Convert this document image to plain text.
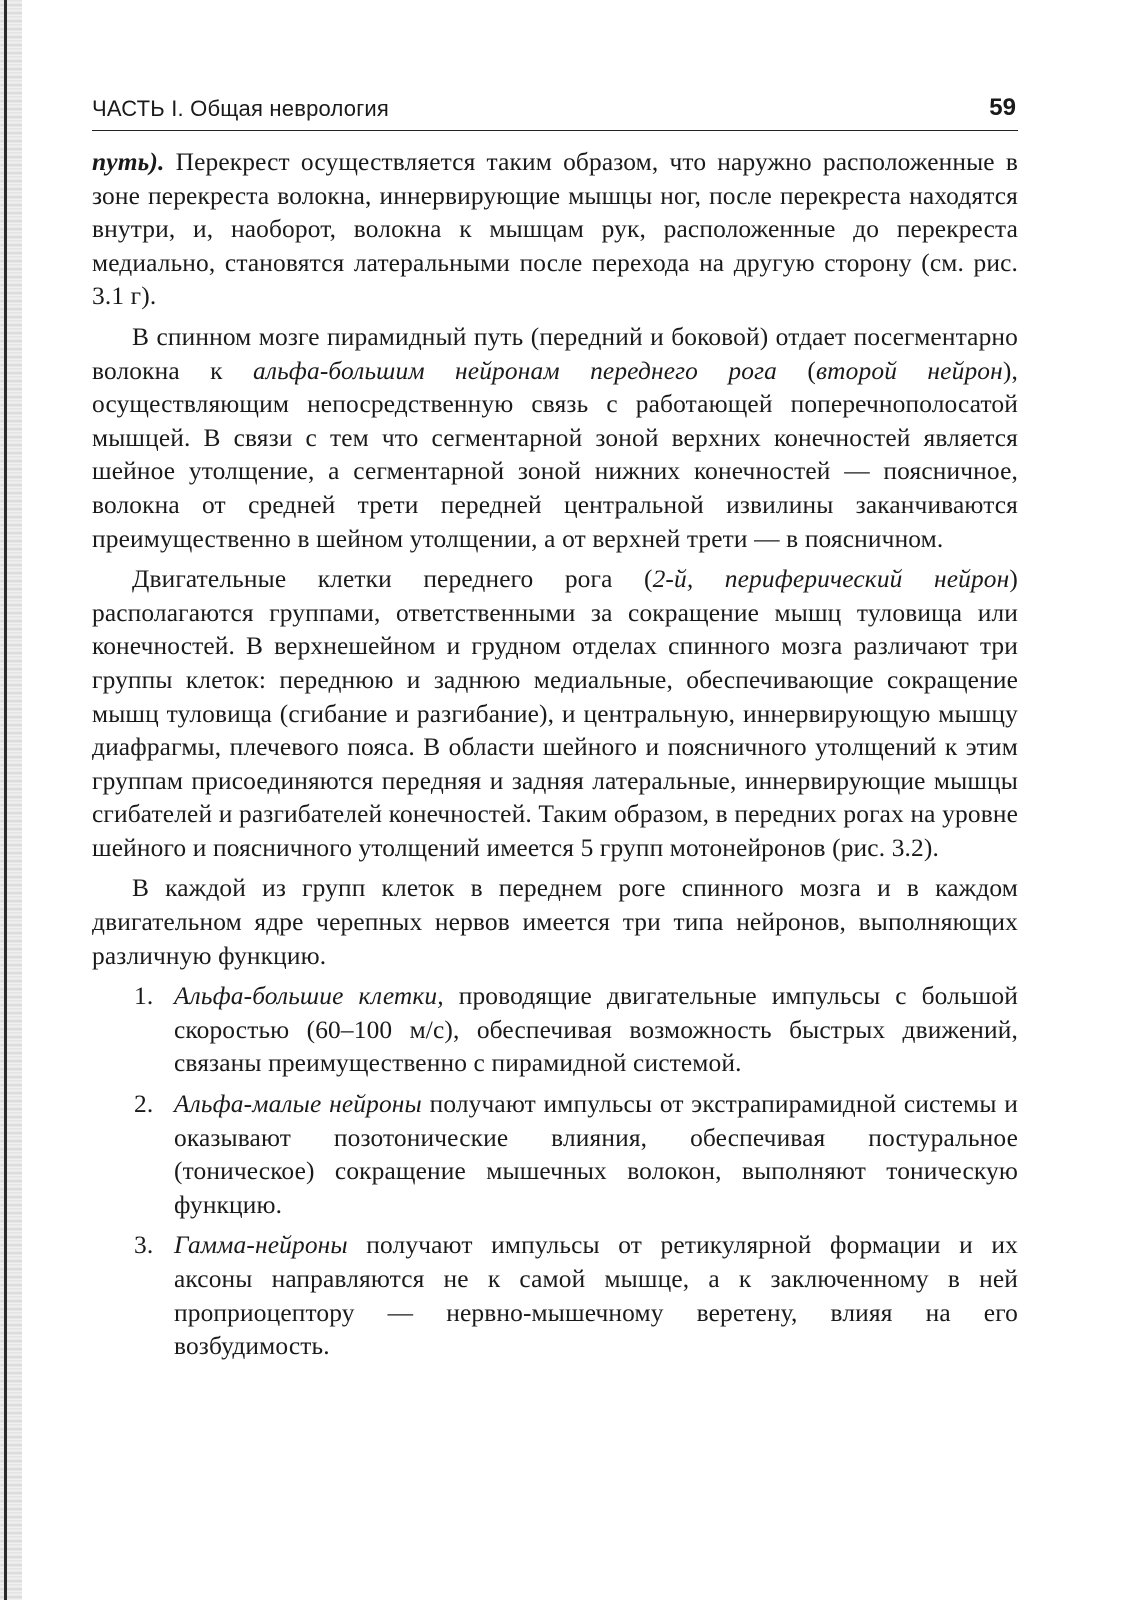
ЧАСТЬ I. Общая неврология	59

путь). Перекрест осуществляется таким образом, что наружно расположенные в зоне перекреста волокна, иннервирующие мышцы ног, после перекреста находятся внутри, и, наоборот, волокна к мышцам рук, расположенные до перекреста медиально, становятся латеральными после перехода на другую сторону (см. рис. 3.1 г).

В спинном мозге пирамидный путь (передний и боковой) отдает посегментарно волокна к альфа-большим нейронам переднего рога (второй нейрон), осуществляющим непосредственную связь с работающей поперечнополосатой мышцей. В связи с тем что сегментарной зоной верхних конечностей является шейное утолщение, а сегментарной зоной нижних конечностей — поясничное, волокна от средней трети передней центральной извилины заканчиваются преимущественно в шейном утолщении, а от верхней трети — в поясничном.

Двигательные клетки переднего рога (2-й, периферический нейрон) располагаются группами, ответственными за сокращение мышц туловища или конечностей. В верхнешейном и грудном отделах спинного мозга различают три группы клеток: переднюю и заднюю медиальные, обеспечивающие сокращение мышц туловища (сгибание и разгибание), и центральную, иннервирующую мышцу диафрагмы, плечевого пояса. В области шейного и поясничного утолщений к этим группам присоединяются передняя и задняя латеральные, иннервирующие мышцы сгибателей и разгибателей конечностей. Таким образом, в передних рогах на уровне шейного и поясничного утолщений имеется 5 групп мотонейронов (рис. 3.2).

В каждой из групп клеток в переднем роге спинного мозга и в каждом двигательном ядре черепных нервов имеется три типа нейронов, выполняющих различную функцию.

1. Альфа-большие клетки, проводящие двигательные импульсы с большой скоростью (60–100 м/с), обеспечивая возможность быстрых движений, связаны преимущественно с пирамидной системой.
2. Альфа-малые нейроны получают импульсы от экстрапирамидной системы и оказывают позотонические влияния, обеспечивая постуральное (тоническое) сокращение мышечных волокон, выполняют тоническую функцию.
3. Гамма-нейроны получают импульсы от ретикулярной формации и их аксоны направляются не к самой мышце, а к заключенному в ней проприоцептору — нервно-мышечному веретену, влияя на его возбудимость.
